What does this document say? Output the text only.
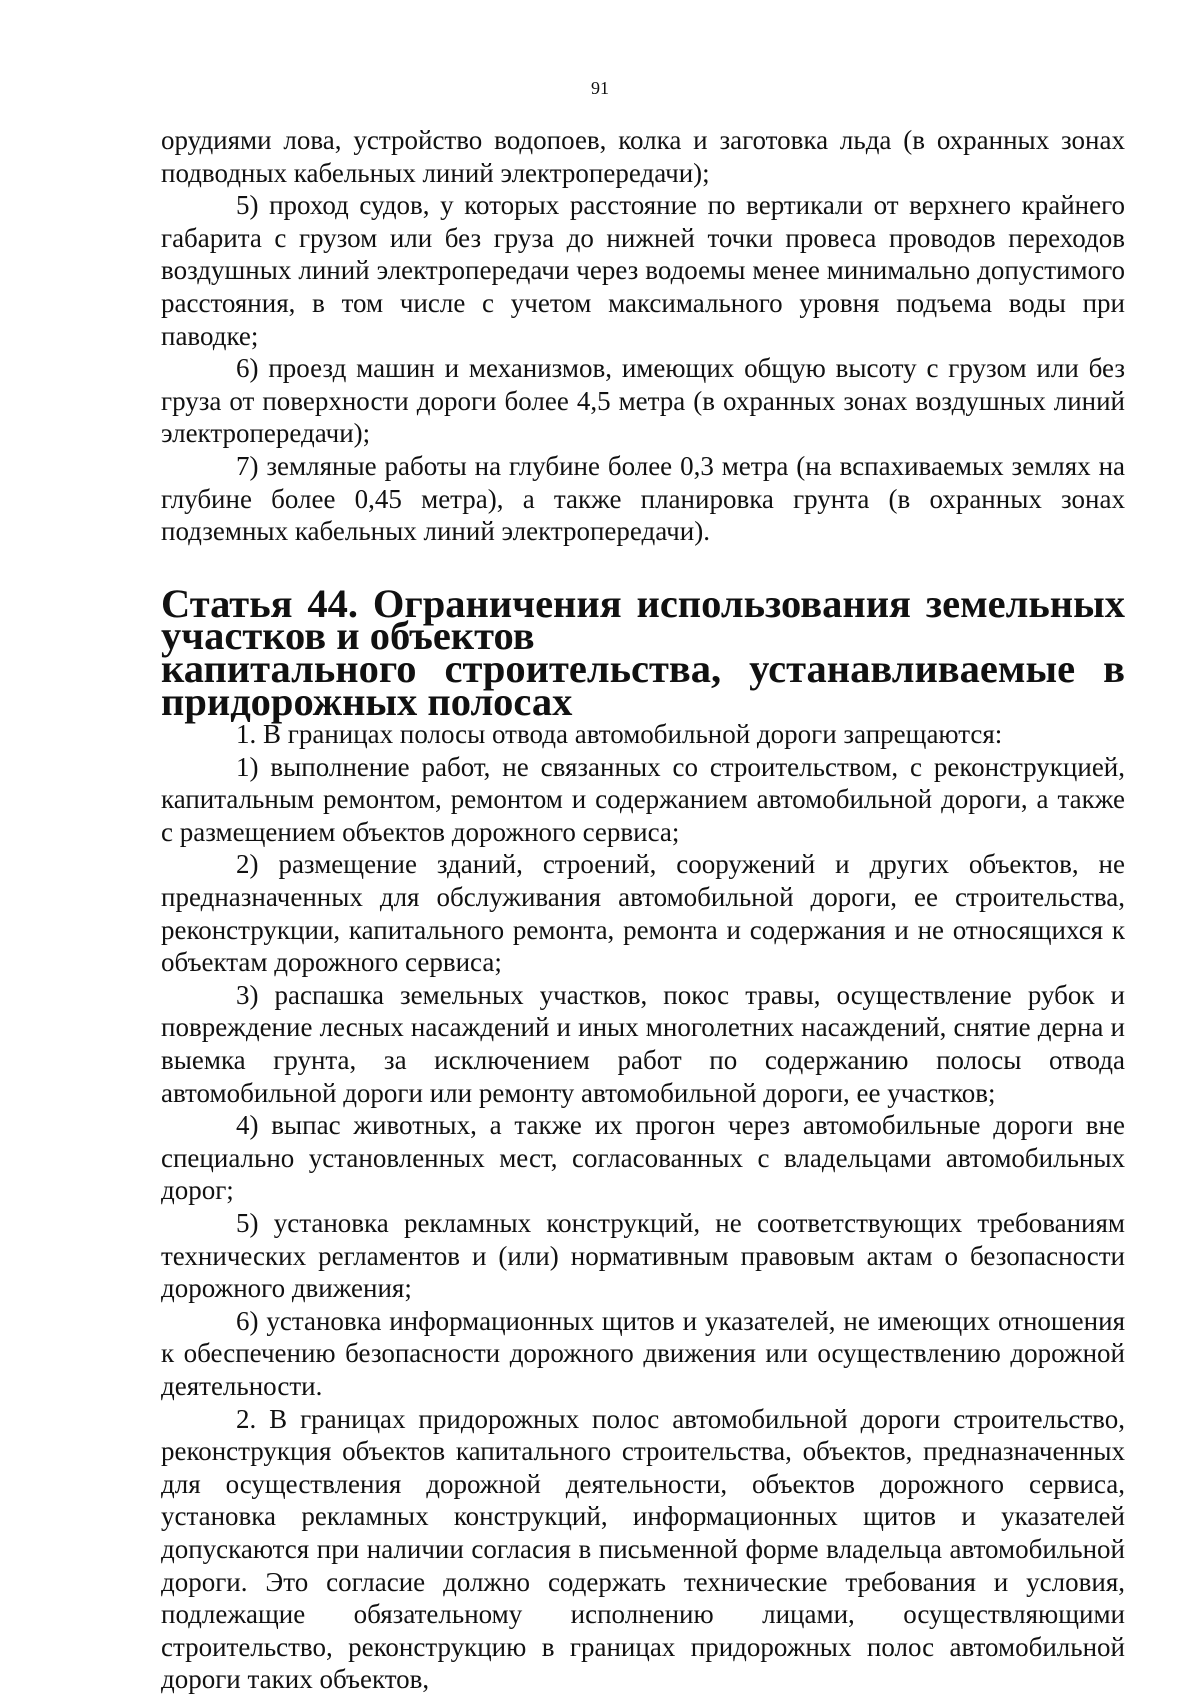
91

орудиями лова, устройство водопоев, колка и заготовка льда (в охранных зонах подводных кабельных линий электропередачи);

5) проход судов, у которых расстояние по вертикали от верхнего крайнего габарита с грузом или без груза до нижней точки провеса проводов переходов воздушных линий электропередачи через водоемы менее минимально допустимого расстояния, в том числе с учетом максимального уровня подъема воды при паводке;

6) проезд машин и механизмов, имеющих общую высоту с грузом или без груза от поверхности дороги более 4,5 метра (в охранных зонах воздушных линий электропередачи);

7) земляные работы на глубине более 0,3 метра (на вспахиваемых землях на глубине более 0,45 метра), а также планировка грунта (в охранных зонах подземных кабельных линий электропередачи).

Статья 44. Ограничения использования земельных участков и объектов
капитального строительства, устанавливаемые в придорожных полосах

1. В границах полосы отвода автомобильной дороги запрещаются:

1) выполнение работ, не связанных со строительством, с реконструкцией, капитальным ремонтом, ремонтом и содержанием автомобильной дороги, а также с размещением объектов дорожного сервиса;

2) размещение зданий, строений, сооружений и других объектов, не предназначенных для обслуживания автомобильной дороги, ее строительства, реконструкции, капитального ремонта, ремонта и содержания и не относящихся к объектам дорожного сервиса;

3) распашка земельных участков, покос травы, осуществление рубок и повреждение лесных насаждений и иных многолетних насаждений, снятие дерна и выемка грунта, за исключением работ по содержанию полосы отвода автомобильной дороги или ремонту автомобильной дороги, ее участков;

4) выпас животных, а также их прогон через автомобильные дороги вне специально установленных мест, согласованных с владельцами автомобильных дорог;

5) установка рекламных конструкций, не соответствующих требованиям технических регламентов и (или) нормативным правовым актам о безопасности дорожного движения;

6) установка информационных щитов и указателей, не имеющих отношения к обеспечению безопасности дорожного движения или осуществлению дорожной деятельности.

2. В границах придорожных полос автомобильной дороги строительство, реконструкция объектов капитального строительства, объектов, предназначенных для осуществления дорожной деятельности, объектов дорожного сервиса, установка рекламных конструкций, информационных щитов и указателей допускаются при наличии согласия в письменной форме владельца автомобильной дороги. Это согласие должно содержать технические требования и условия, подлежащие обязательному исполнению лицами, осуществляющими строительство, реконструкцию в границах придорожных полос автомобильной дороги таких объектов,
